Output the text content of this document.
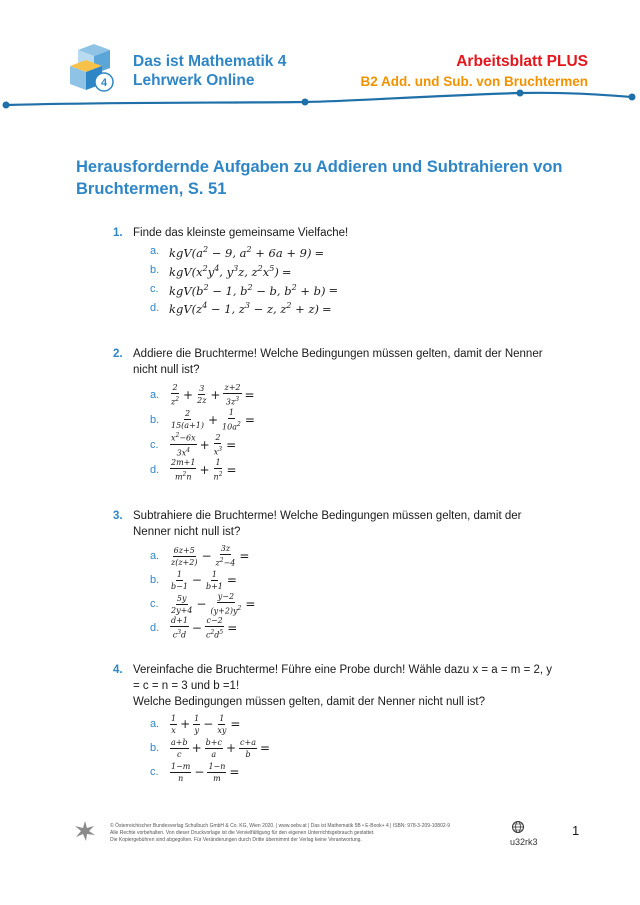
4
Das ist Mathematik 4
Lehrwerk Online
Arbeitsblatt PLUS
B2 Add. und Sub. von Bruchtermen
Herausfordernde Aufgaben zu Addieren und Subtrahieren von Bruchtermen, S. 51
1. Finde das kleinste gemeinsame Vielfache!
a. $kgV(a^2 - 9$, $a^2 + 6a + 9$) =
b. $kgV(x^2y^4$, $y^3z$, $z^2x^5$) =
c. $kgV(b^2 - 1$, $b^2 - b$, $b^2 + b$) =
d. $kgV(z^4 - 1$, $z^3 - z$, $z^2 + z$) =
2. Addiere die Bruchterme! Welche Bedingungen müssen gelten, damit der Nenner nicht null ist?
a.	$\frac{2}{z^2} + \frac{3}{2z} + \frac{z+2}{3z^3}$ =
b.	$\frac{2}{15(a+1)} + \frac{1}{10a^2}$ =
c.	$\frac{x^2-6x}{3x^4} + \frac{2}{x^3}$ =
d.	$\frac{2m+1}{m^2n} + \frac{1}{n^2}$ =
3. Subtrahiere die Bruchterme! Welche Bedingungen müssen gelten, damit der Nenner nicht null ist?
a.	$\frac{6z+5}{z(z+2)} - \frac{3z}{z^2-4}$ =
b.	$\frac{1}{b-1} - \frac{1}{b+1}$ =
c.	$\frac{5y}{2y+4} - \frac{y-2}{(y+2)y^2}$ =
d.	$\frac{d+1}{c^3d} - \frac{c-2}{c^2d^5}$ =
4. Vereinfache die Bruchterme! Führe eine Probe durch! Wähle dazu x = a = m = 2, y = c = n = 3 und b =1!
Welche Bedingungen müssen gelten, damit der Nenner nicht null ist?
a.	$\frac{1}{x} + \frac{1}{y} - \frac{1}{xy}$ =
b.	$\frac{a+b}{c} + \frac{b+c}{a} + \frac{c+a}{b}$ =
c.	$\frac{1-m}{n} - \frac{1-n}{m}$ =
© Österreichischer Bundesverlag Schulbuch GmbH & Co. KG, Wien 2020. | www.oebv.at | Das ist Mathematik 5B • E-Book+ 4 | ISBN: 978-3-209-10802-9
Alle Rechte vorbehalten. Von dieser Druckvorlage ist die Vervielfältigung für den eigenen Unterrichtsgebrauch gestattet.
Die Kopiergebühren sind abgegolten. Für Veränderungen durch Dritte übernimmt der Verlag keine Verantwortung.	u32rk3
1
